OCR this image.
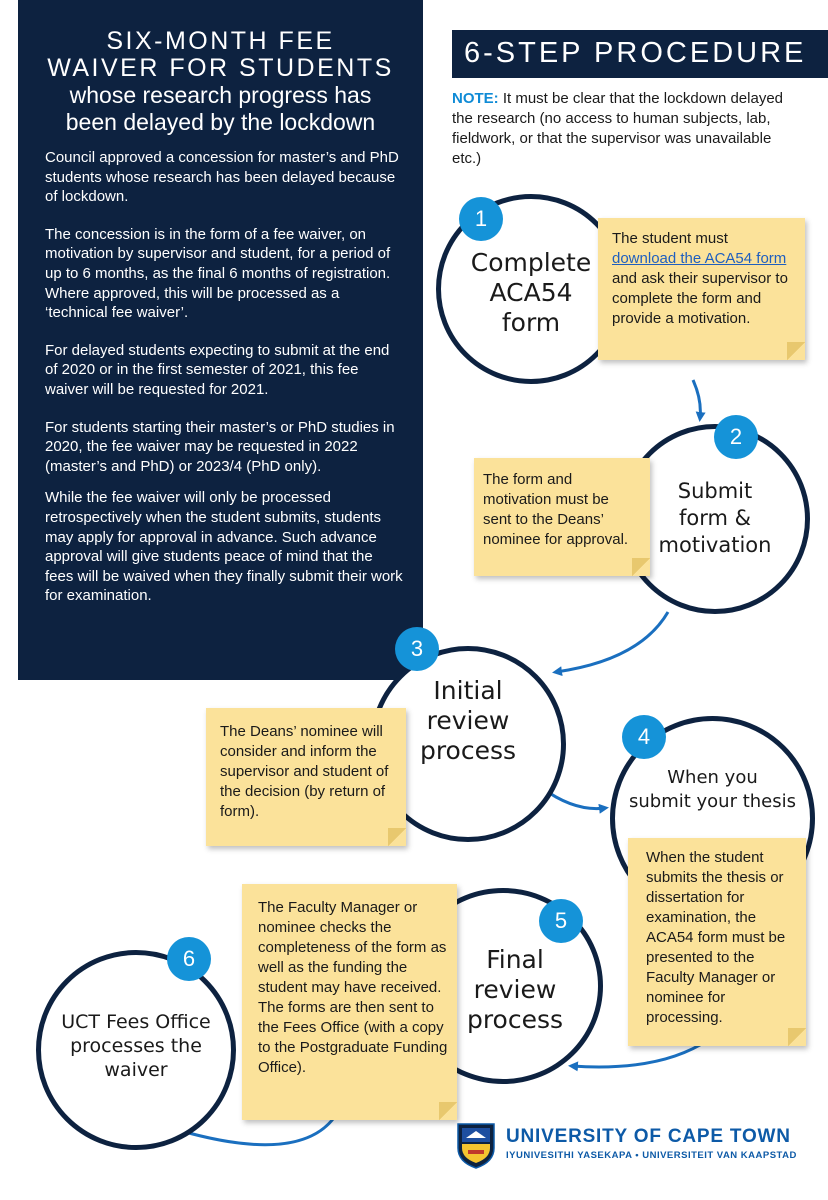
SIX-MONTH FEE
WAIVER FOR STUDENTS
whose research progress has
been delayed by the lockdown

Council approved a concession for master’s and PhD students whose research has been delayed because of lockdown.

The concession is in the form of a fee waiver, on motivation by supervisor and student, for a period of up to 6 months, as the final 6 months of registration. Where approved, this will be processed as a ‘technical fee waiver’.

For delayed students expecting to submit at the end of 2020 or in the first semester of 2021, this fee waiver will be requested for 2021.

For students starting their master’s or PhD studies in 2020, the fee waiver may be requested in 2022 (master’s and PhD) or 2023/4 (PhD only).

While the fee waiver will only be processed retrospectively when the student submits, students may apply for approval in advance. Such advance approval will give students peace of mind that the fees will be waived when they finally submit their work for examination.

6-STEP PROCEDURE
NOTE: It must be clear that the lockdown delayed the research (no access to human subjects, lab, fieldwork, or that the supervisor was unavailable etc.)
Complete
ACA54
form
1
The student must download the ACA54 form and ask their supervisor to complete the form and provide a motivation.
Submit
form &
motivation
2
The form and motivation must be sent to the Deans’ nominee for approval.
Initial
review
process
3
The Deans’ nominee will consider and inform the supervisor and student of the decision (by return of form).
When you
submit your thesis
4
When the student submits the thesis or dissertation for examination, the ACA54 form must be presented to the Faculty Manager or nominee for processing.
Final
review
process
5
The Faculty Manager or nominee checks the completeness of the form as well as the funding the student may have received. The forms are then sent to the Fees Office (with a copy to the Postgraduate Funding Office).
UCT Fees Office
processes the
waiver
6
UNIVERSITY OF CAPE TOWN
IYUNIVESITHI YASEKAPA • UNIVERSITEIT VAN KAAPSTAD
